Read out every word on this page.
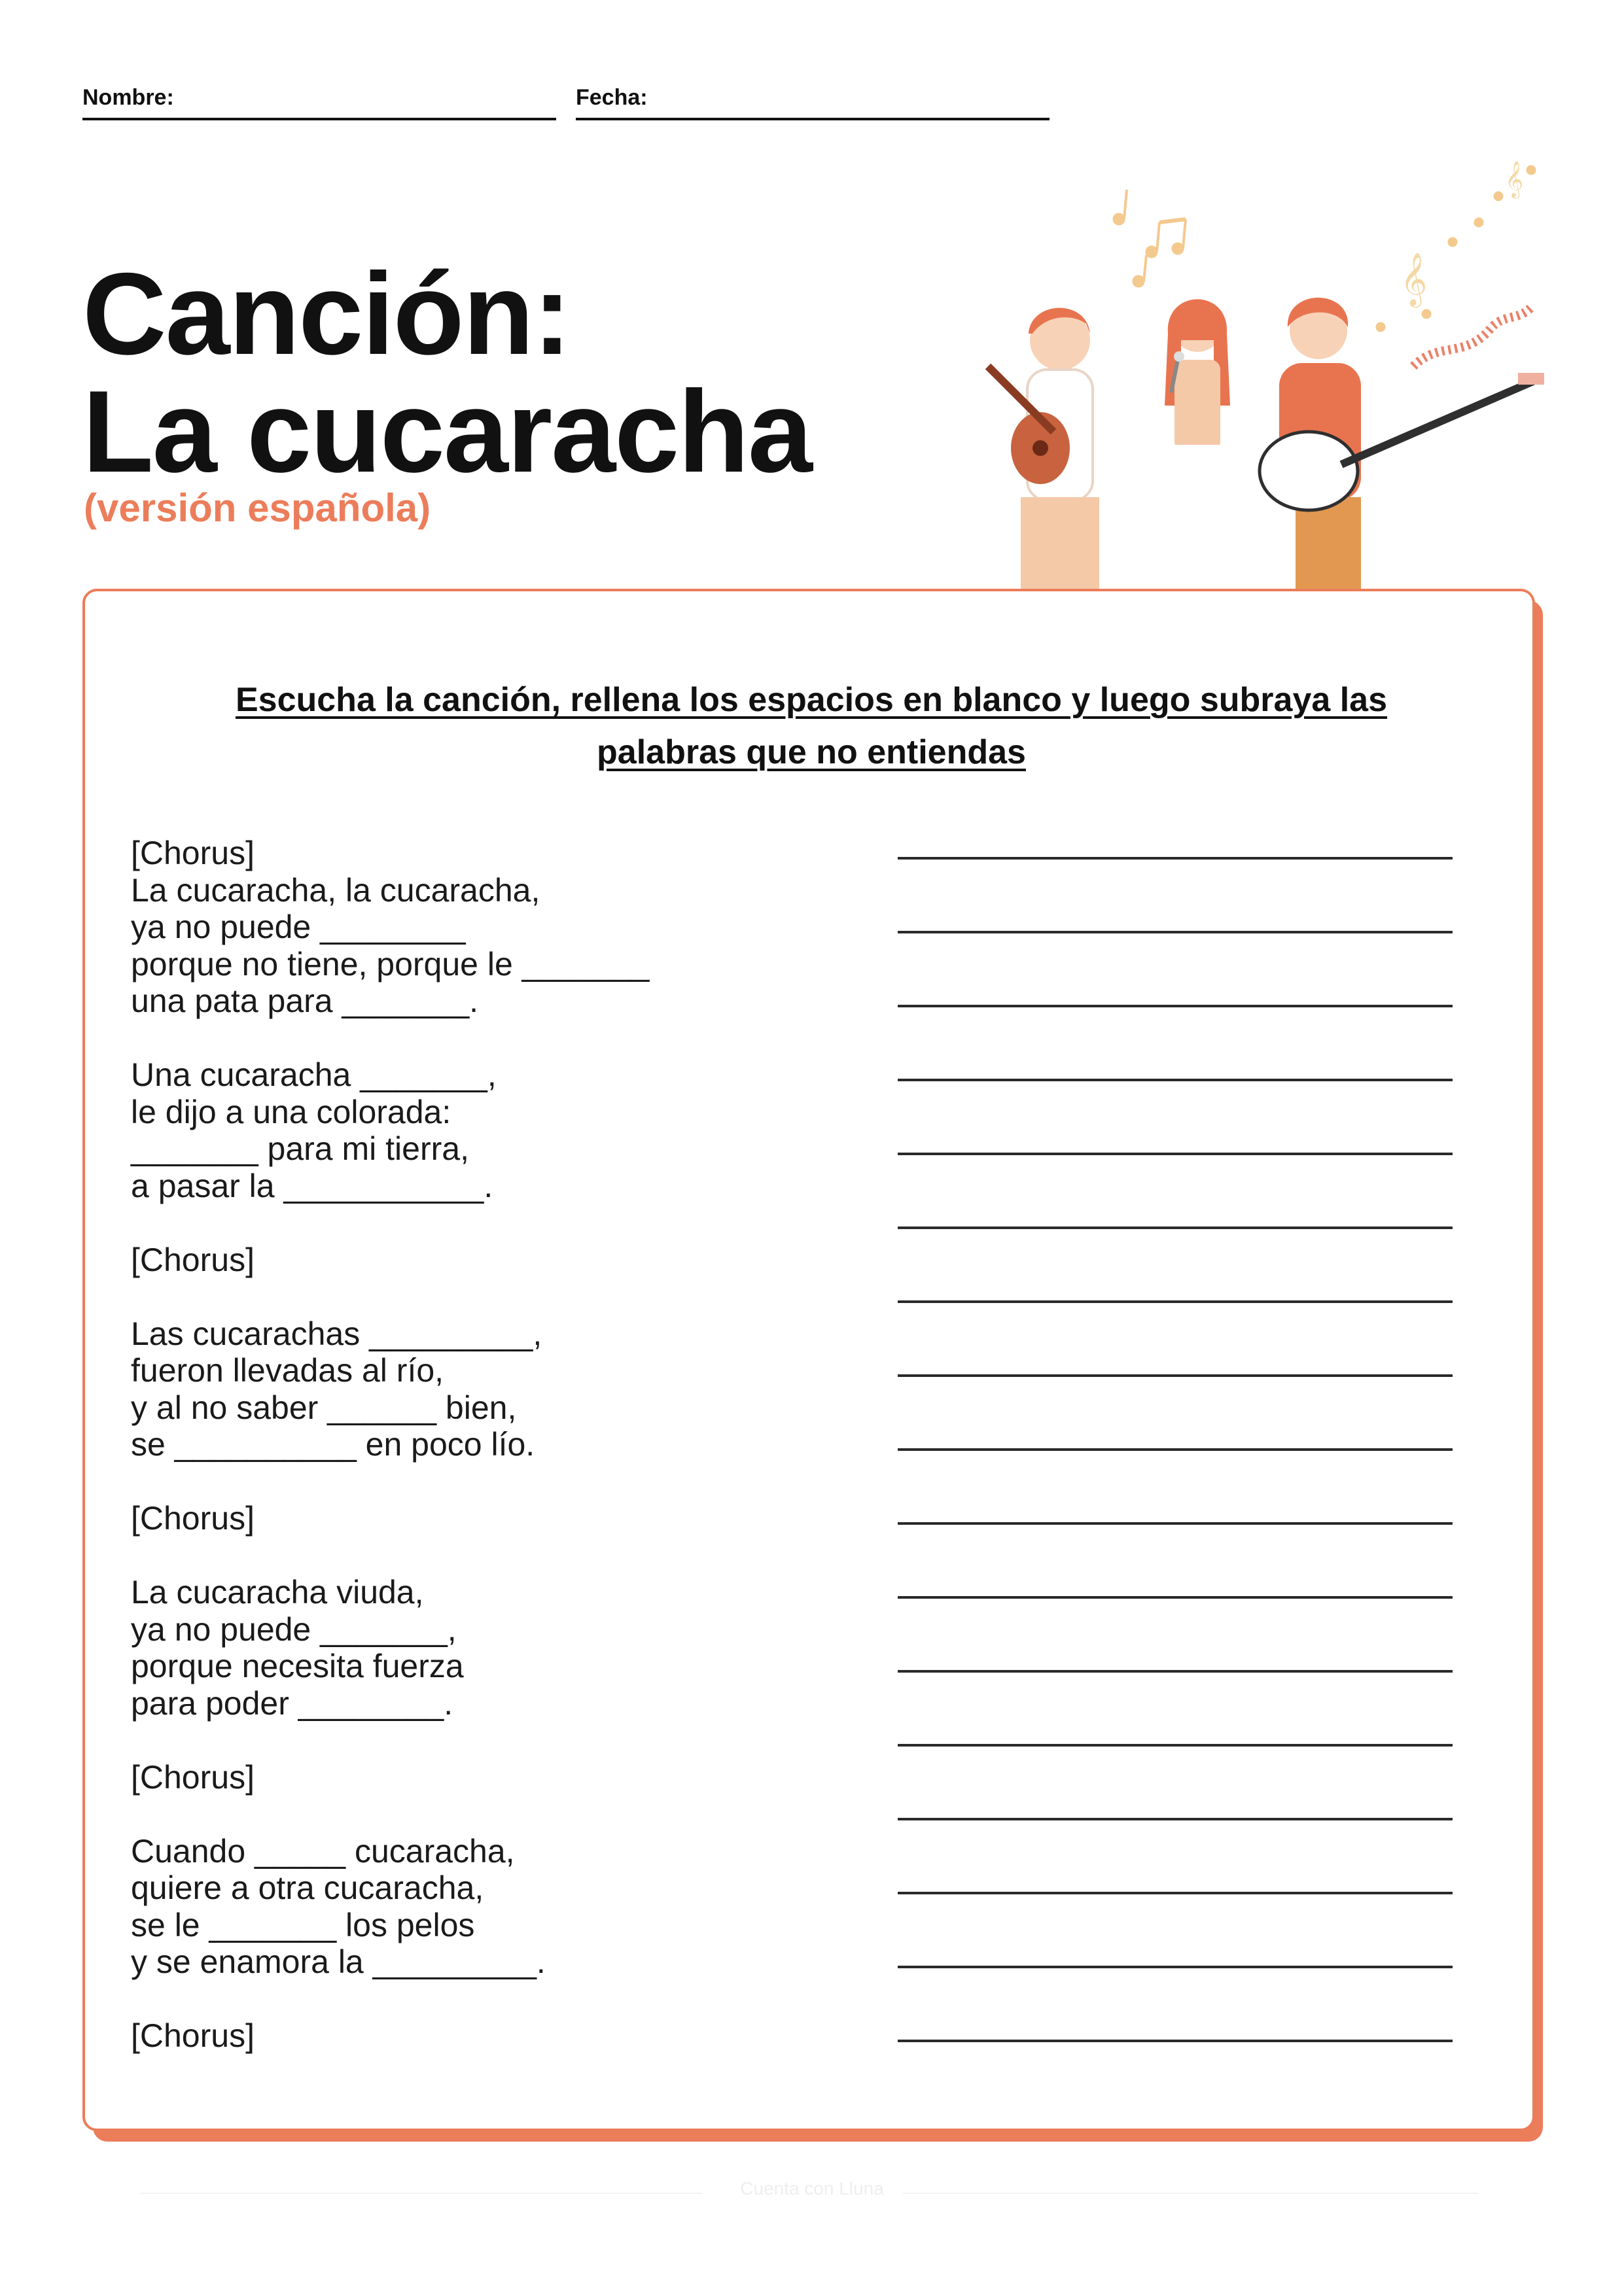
Nombre:	Fecha:
Canción:
La cucaracha
(versión española)
𝄞
𝄞
Escucha la canción, rellena los espacios en blanco y luego subraya las palabras que no entiendas
[Chorus]
La cucaracha, la cucaracha,
ya no puede ________
porque no tiene, porque le _______
una pata para _______.

Una cucaracha _______,
le dijo a una colorada:
_______ para mi tierra,
a pasar la ___________.

[Chorus]

Las cucarachas _________,
fueron llevadas al río,
y al no saber ______ bien,
se __________ en poco lío.

[Chorus]

La cucaracha viuda,
ya no puede _______,
porque necesita fuerza
para poder ________.

[Chorus]

Cuando _____ cucaracha,
quiere a otra cucaracha,
se le _______ los pelos
y se enamora la _________.

[Chorus]
Cuenta con Lluna
